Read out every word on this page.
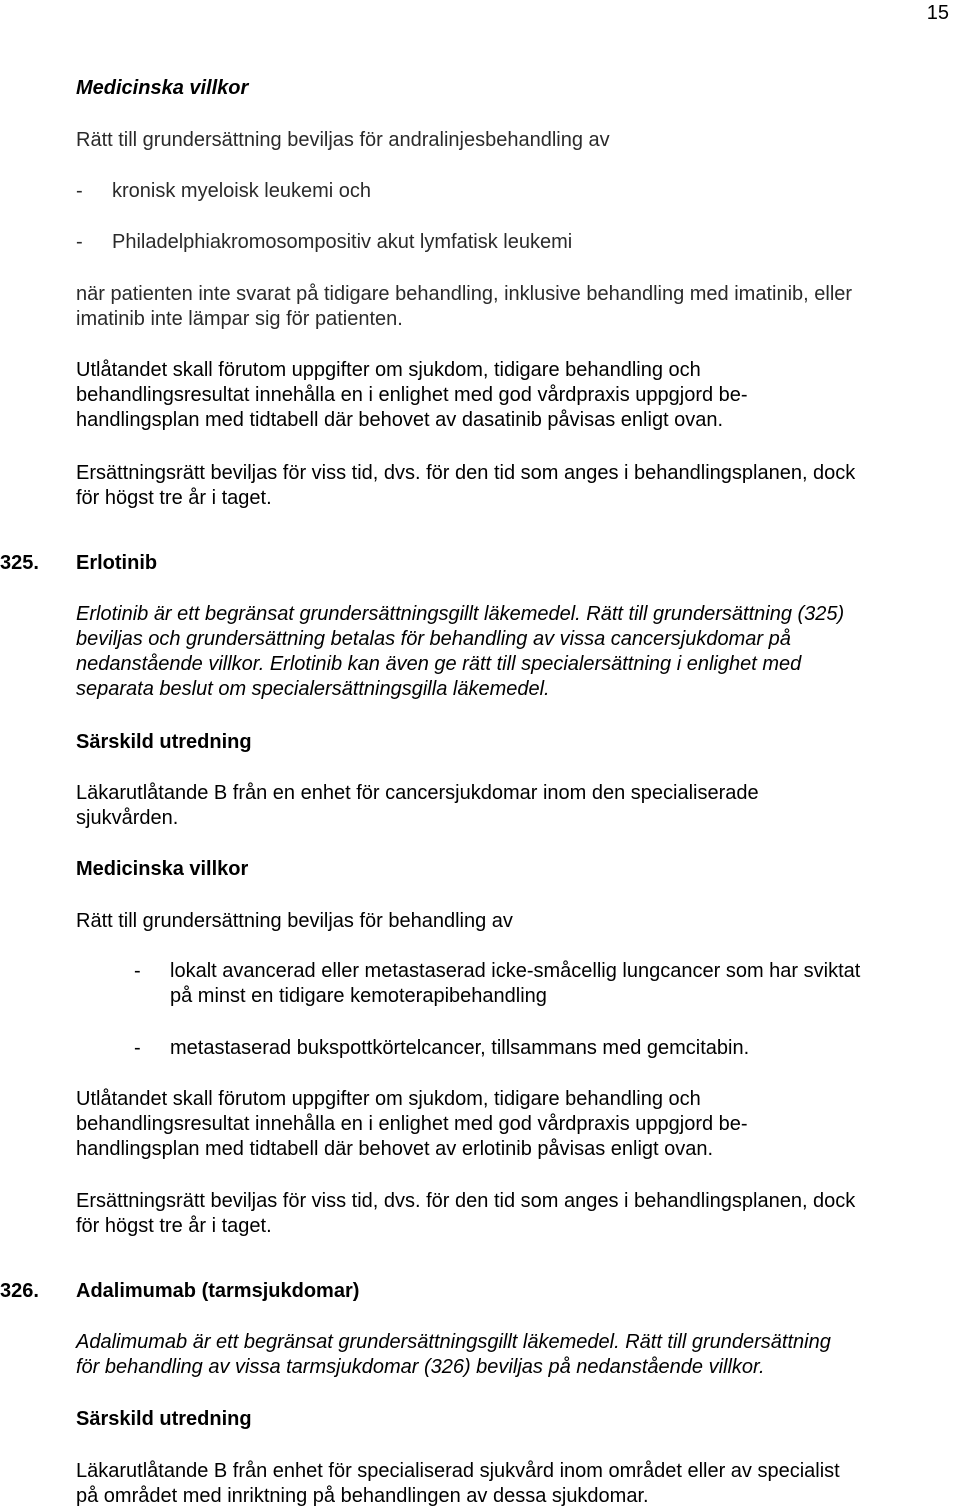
15
Medicinska villkor
Rätt till grundersättning beviljas för andralinjesbehandling av
- kronisk myeloisk leukemi och
- Philadelphiakromosompositiv akut lymfatisk leukemi
när patienten inte svarat på tidigare behandling, inklusive behandling med imatinib, eller
imatinib inte lämpar sig för patienten.
Utlåtandet skall förutom uppgifter om sjukdom, tidigare behandling och
behandlingsresultat innehålla en i enlighet med god vårdpraxis uppgjord be-
handlingsplan med tidtabell där behovet av dasatinib påvisas enligt ovan.
Ersättningsrätt beviljas för viss tid, dvs. för den tid som anges i behandlingsplanen, dock
för högst tre år i taget.
325. Erlotinib
Erlotinib är ett begränsat grundersättningsgillt läkemedel. Rätt till grundersättning (325)
beviljas och grundersättning betalas för behandling av vissa cancersjukdomar på
nedanstående villkor. Erlotinib kan även ge rätt till specialersättning i enlighet med
separata beslut om specialersättningsgilla läkemedel.
Särskild utredning
Läkarutlåtande B från en enhet för cancersjukdomar inom den specialiserade
sjukvården.
Medicinska villkor
Rätt till grundersättning beviljas för behandling av
- lokalt avancerad eller metastaserad icke-småcellig lungcancer som har sviktat
på minst en tidigare kemoterapibehandling
- metastaserad bukspottkörtelcancer, tillsammans med gemcitabin.
Utlåtandet skall förutom uppgifter om sjukdom, tidigare behandling och
behandlingsresultat innehålla en i enlighet med god vårdpraxis uppgjord be-
handlingsplan med tidtabell där behovet av erlotinib påvisas enligt ovan.
Ersättningsrätt beviljas för viss tid, dvs. för den tid som anges i behandlingsplanen, dock
för högst tre år i taget.
326. Adalimumab (tarmsjukdomar)
Adalimumab är ett begränsat grundersättningsgillt läkemedel. Rätt till grundersättning
för behandling av vissa tarmsjukdomar (326) beviljas på nedanstående villkor.
Särskild utredning
Läkarutlåtande B från enhet för specialiserad sjukvård inom området eller av specialist
på området med inriktning på behandlingen av dessa sjukdomar.
